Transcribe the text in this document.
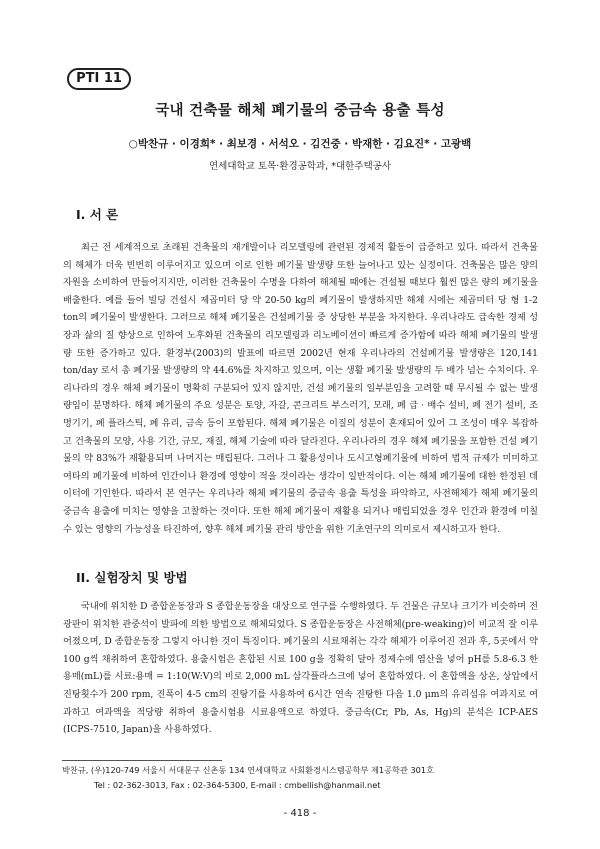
PTI 11
국내 건축물 해체 폐기물의 중금속 용출 특성
○박찬규 · 이경희* · 최보경 · 서석오 · 김건중 · 박재한 · 김요진* · 고광백
연세대학교 토목·환경공학과, *대한주택공사
I. 서 론

최근 전 세계적으로 초래된 건축물의 재개발이나 리모델링에 관련된 경제적 활동이 급증하고 있다. 따라서 건축물의 해체가 더욱 빈번히 이루어지고 있으며 이로 인한 폐기물 발생량 또한 늘어나고 있는 실정이다. 건축물은 많은 양의 자원을 소비하여 만들어지지만, 이러한 건축물이 수명을 다하여 해체될 때에는 건설될 때보다 훨씬 많은 량의 폐기물을 배출한다. 예를 들어 빌딩 건설시 제곱미터 당 약 20-50 kg의 폐기물이 발생하지만 해체 시에는 제곱미터 당 형 1-2 ton의 폐기물이 발생한다. 그러므로 해체 폐기물은 건설폐기물 중 상당한 부분을 차지한다. 우리나라도 급속한 경제 성장과 삶의 질 향상으로 인하여 노후화된 건축물의 리모델링과 리노베이션이 빠르게 증가함에 따라 해체 폐기물의 발생량 또한 증가하고 있다. 환경부(2003)의 발표에 따르면 2002년 현재 우리나라의 건설폐기물 발생량은 120,141 ton/day 로서 총 폐기물 발생량의 약 44.6%를 차지하고 있으며, 이는 생활 폐기물 발생량의 두 배가 넘는 수치이다. 우리나라의 경우 해체 폐기물이 명확히 구분되어 있지 않지만, 건설 폐기물의 일부분임을 고려할 때 무시될 수 없는 발생량임이 분명하다. 해체 폐기물의 주요 성분은 토양, 자갈, 콘크리트 부스러기, 모래, 폐 급 · 배수 설비, 폐 전기 설비, 조명기기, 폐 플라스틱, 폐 유리, 금속 등이 포함된다. 해체 폐기물은 이질의 성분이 혼재되어 있어 그 조성이 매우 복잡하고 건축물의 모양, 사용 기간, 규모, 재질, 해체 기술에 따라 달라진다. 우리나라의 경우 해체 폐기물을 포함한 건설 폐기물의 약 83%가 재활용되며 나머지는 매립된다. 그러나 그 활용성이나 도시고형폐기물에 비하여 법적 규제가 미미하고 여타의 폐기물에 비하여 인간이나 환경에 영향이 적을 것이라는 생각이 일반적이다. 이는 해체 폐기물에 대한 한정된 데이터에 기인한다. 따라서 본 연구는 우리나라 해체 폐기물의 중금속 용출 특성을 파악하고, 사전해체가 해체 폐기물의 중금속 용출에 미치는 영향을 고찰하는 것이다. 또한 해체 폐기물이 재활용 되거나 매립되었을 경우 인간과 환경에 미칠 수 있는 영향의 가능성을 타진하여, 향후 해체 폐기물 관리 방안을 위한 기초연구의 의미로서 제시하고자 한다.

II. 실험장치 및 방법

국내에 위치한 D 종합운동장과 S 종합운동장을 대상으로 연구를 수행하였다. 두 건물은 규모나 크기가 비슷하며 전광판이 위치한 관중석이 발파에 의한 방법으로 해체되었다. S 종합운동장은 사전해체(pre-weaking)이 비교적 잘 이루어졌으며, D 종합운동장 그렇지 아니한 것이 특징이다. 폐기물의 시료채취는 각각 해체가 이루어진 전과 후, 5곳에서 약 100 g씩 채취하여 혼합하였다. 용출시험은 혼합된 시료 100 g을 정확히 달아 정제수에 염산을 넣어 pH를 5.8-6.3 한 용매(mL)를 시료:용매 = 1:10(W:V)의 비로 2,000 mL 삼각플라스크에 넣어 혼합하였다. 이 혼합액을 상온, 상압에서 진탕횟수가 200 rpm, 진폭이 4-5 cm의 진탕기를 사용하여 6시간 연속 진탕한 다음 1.0 μm의 유리섬유 여과지로 여과하고 여과액을 적당량 취하여 용출시험용 시료용액으로 하였다. 중금속(Cr, Pb, As, Hg)의 분석은 ICP-AES (ICPS-7510, Japan)을 사용하였다.

박찬규, (우)120-749 서울시 서대문구 신촌동 134 연세대학교 사회환경시스템공학부 제1공학관 301호
Tel : 02-362-3013, Fax : 02-364-5300, E-mail : cmbellish@hanmail.net
- 418 -
